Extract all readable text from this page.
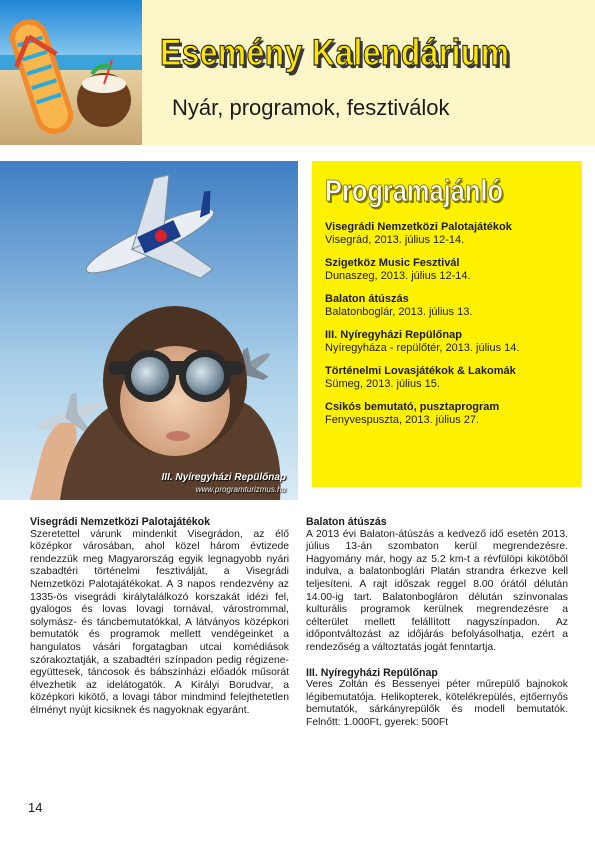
Esemény Kalendárium
Nyár, programok, fesztiválok
III. Nyíregyházi Repülőnap
www.programturizmus.hu
Programajánló
Visegrádi Nemzetközi Palotajátékok
Visegrád, 2013. július 12-14.
Szigetköz Music Fesztivál
Dunaszeg, 2013. július 12-14.
Balaton átúszás
Balatonboglár, 2013. július 13.
III. Nyíregyházi Repülőnap
Nyíregyháza - repülőtér, 2013. július 14.
Történelmi Lovasjátékok & Lakomák
Sümeg, 2013. július 15.
Csikós bemutató, pusztaprogram
Fenyvespuszta, 2013. július 27.
Visegrádi Nemzetközi Palotajátékok

Szeretettel várunk mindenkit Visegrádon, az élő középkor városában, ahol közel három évtizede rendezzük meg Magyarország egyik legnagyobb nyári szabadtéri történelmi fesztiválját, a Visegrádi Nemzetközi Palotajátékokat. A 3 napos rendezvény az 1335-ös visegrádi királytalálkozó korszakát idézi fel, gyalogos és lovas lovagi tornával, várostrommal, solymász- és táncbemutatókkal, A látványos középkori bemutatók és programok mellett vendégeinket a hangulatos vásári forgatagban utcai komédiások szórakoztatják, a szabadtéri színpadon pedig régizene-együttesek, táncosok és bábszínházi előadók műsorát élvezhetik az idelátogatók. A Királyi Borudvar, a középkori kikötő, a lovagi tábor mindmind felejthetetlen élményt nyújt kicsiknek és nagyoknak egyaránt.

Balaton átúszás

A 2013 évi Balaton-átúszás a kedvező idő esetén 2013. július 13-án szombaton kerül megrendezésre. Hagyomány már, hogy az 5.2 km-t a révfülöpi kikötőből indulva, a balatonboglári Platán strandra érkezve kell teljesíteni. A rajt időszak reggel 8.00 órától délután 14.00-ig tart. Balatonbogláron délután színvonalas kulturális programok kerülnek megrendezésre a célterület mellett felállított nagyszínpadon. Az időpontváltozást az időjárás befolyásolhatja, ezért a rendezőség a változtatás jogát fenntartja.

III. Nyíregyházi Repülőnap

Veres Zoltán és Bessenyei péter műrepülő bajnokok légibemutatója. Helikopterek, kötelékrepülés, ejtőernyős bemutatók, sárkányrepülők és modell bemutatók. Felnőtt: 1.000Ft, gyerek: 500Ft

14
